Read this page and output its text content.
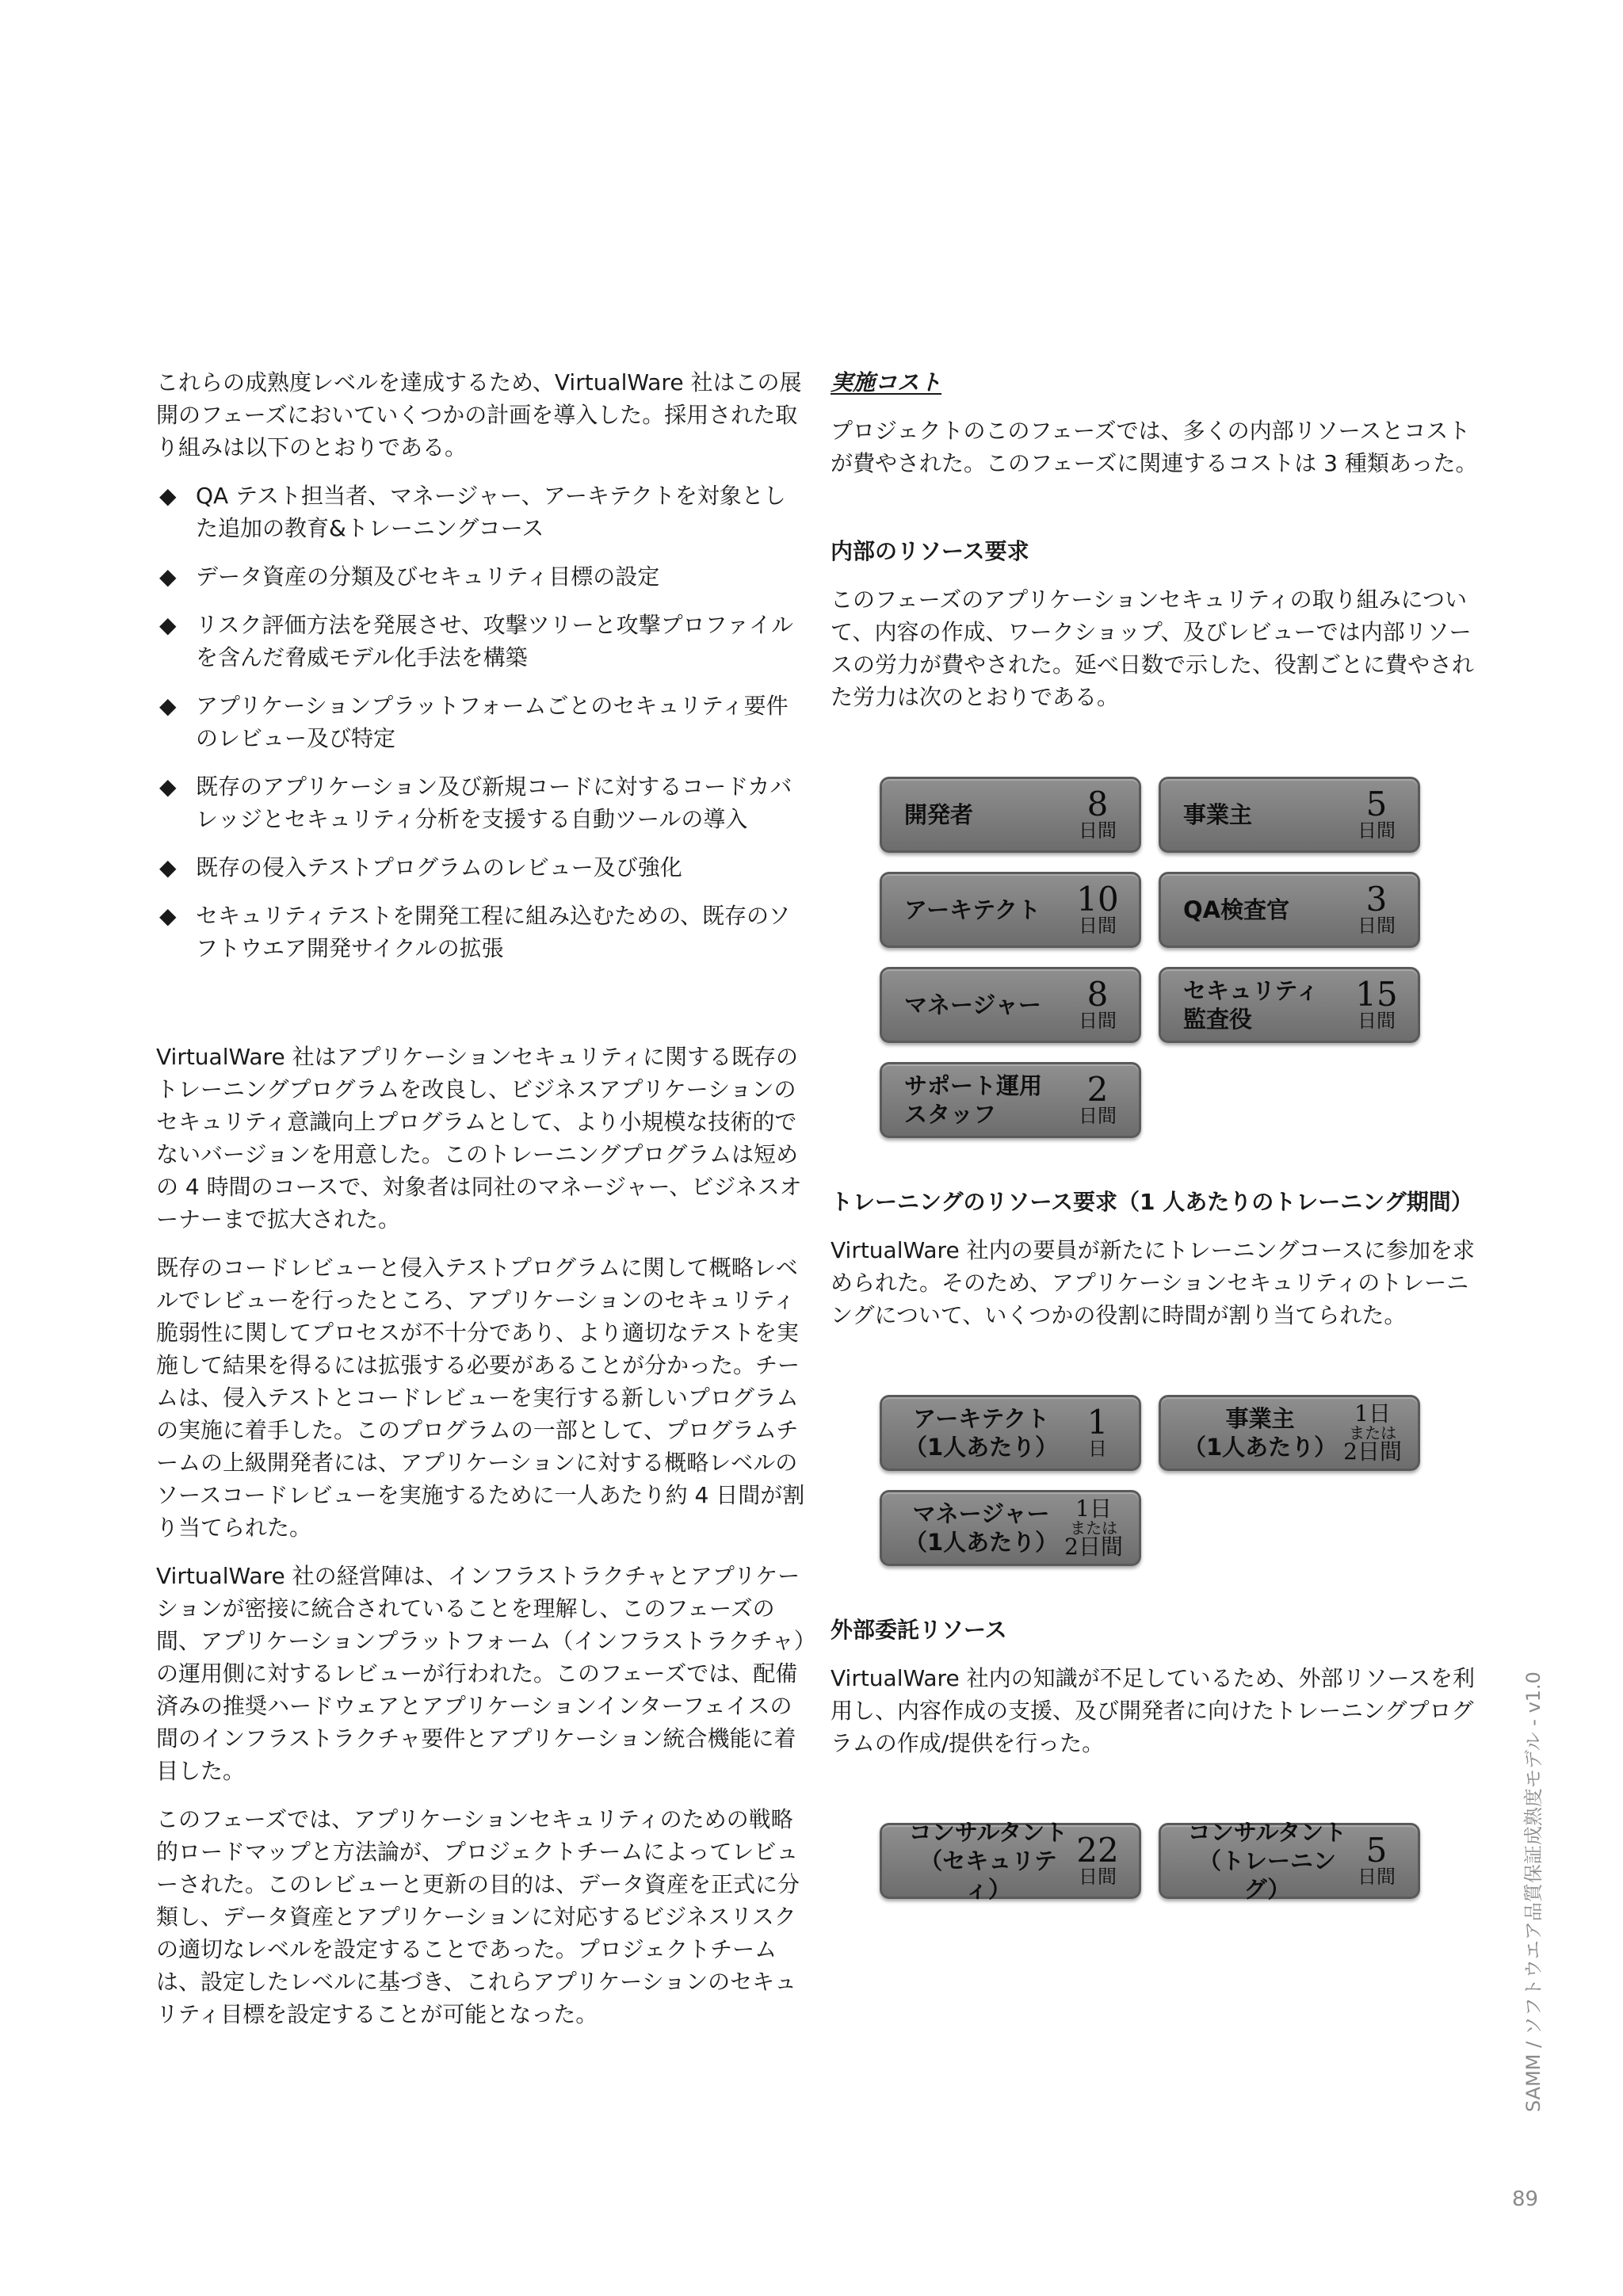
これらの成熟度レベルを達成するため、VirtualWare 社はこの展開のフェーズにおいていくつかの計画を導入した。採用された取り組みは以下のとおりである。

◆ QA テスト担当者、マネージャー、アーキテクトを対象とした追加の教育&トレーニングコース
◆ データ資産の分類及びセキュリティ目標の設定
◆ リスク評価方法を発展させ、攻撃ツリーと攻撃プロファイルを含んだ脅威モデル化手法を構築
◆ アプリケーションプラットフォームごとのセキュリティ要件のレビュー及び特定
◆ 既存のアプリケーション及び新規コードに対するコードカバレッジとセキュリティ分析を支援する自動ツールの導入
◆ 既存の侵入テストプログラムのレビュー及び強化
◆ セキュリティテストを開発工程に組み込むための、既存のソフトウエア開発サイクルの拡張

VirtualWare 社はアプリケーションセキュリティに関する既存のトレーニングプログラムを改良し、ビジネスアプリケーションのセキュリティ意識向上プログラムとして、より小規模な技術的でないバージョンを用意した。このトレーニングプログラムは短めの 4 時間のコースで、対象者は同社のマネージャー、ビジネスオーナーまで拡大された。

既存のコードレビューと侵入テストプログラムに関して概略レベルでレビューを行ったところ、アプリケーションのセキュリティ脆弱性に関してプロセスが不十分であり、より適切なテストを実施して結果を得るには拡張する必要があることが分かった。チームは、侵入テストとコードレビューを実行する新しいプログラムの実施に着手した。このプログラムの一部として、プログラムチームの上級開発者には、アプリケーションに対する概略レベルのソースコードレビューを実施するために一人あたり約 4 日間が割り当てられた。

VirtualWare 社の経営陣は、インフラストラクチャとアプリケーションが密接に統合されていることを理解し、このフェーズの間、アプリケーションプラットフォーム（インフラストラクチャ）の運用側に対するレビューが行われた。このフェーズでは、配備済みの推奨ハードウェアとアプリケーションインターフェイスの間のインフラストラクチャ要件とアプリケーション統合機能に着目した。

このフェーズでは、アプリケーションセキュリティのための戦略的ロードマップと方法論が、プロジェクトチームによってレビューされた。このレビューと更新の目的は、データ資産を正式に分類し、データ資産とアプリケーションに対応するビジネスリスクの適切なレベルを設定することであった。プロジェクトチームは、設定したレベルに基づき、これらアプリケーションのセキュリティ目標を設定することが可能となった。

実施コスト

プロジェクトのこのフェーズでは、多くの内部リソースとコストが費やされた。このフェーズに関連するコストは 3 種類あった。

内部のリソース要求

このフェーズのアプリケーションセキュリティの取り組みについて、内容の作成、ワークショップ、及びレビューでは内部リソースの労力が費やされた。延べ日数で示した、役割ごとに費やされた労力は次のとおりである。

開発者	8
日間
事業主	5
日間
アーキテクト 10
日間
QA検査官 3
日間
マネージャー 8
日間
セキュリティ
監査役
15
日間
サポート運用
スタッフ
2
日間
トレーニングのリソース要求（1 人あたりのトレーニング期間）

VirtualWare 社内の要員が新たにトレーニングコースに参加を求められた。そのため、アプリケーションセキュリティのトレーニングについて、いくつかの役割に時間が割り当てられた。

アーキテクト
（1人あたり）
1
日
事業主
（1人あたり）
1日
または
2日間
マネージャー
（1人あたり）
1日
または
2日間
外部委託リソース

VirtualWare 社内の知識が不足しているため、外部リソースを利用し、内容作成の支援、及び開発者に向けたトレーニングプログラムの作成/提供を行った。

コンサルタント
（セキュリティ）
22
日間
コンサルタント
（トレーニング）
5
日間	SAMM / ソフトウエア品質保証成熟度モデル - v1.0
89
